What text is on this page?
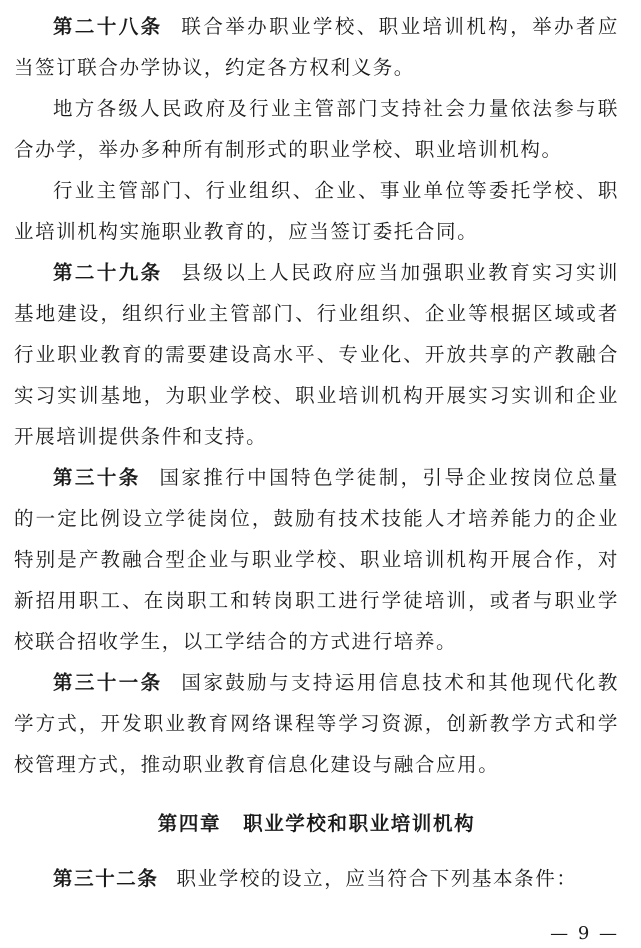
第二十八条 联合举办职业学校、职业培训机构，举办者应当签订联合办学协议，约定各方权利义务。

地方各级人民政府及行业主管部门支持社会力量依法参与联合办学，举办多种所有制形式的职业学校、职业培训机构。

行业主管部门、行业组织、企业、事业单位等委托学校、职业培训机构实施职业教育的，应当签订委托合同。

第二十九条 县级以上人民政府应当加强职业教育实习实训基地建设，组织行业主管部门、行业组织、企业等根据区域或者行业职业教育的需要建设高水平、专业化、开放共享的产教融合实习实训基地，为职业学校、职业培训机构开展实习实训和企业开展培训提供条件和支持。

第三十条 国家推行中国特色学徒制，引导企业按岗位总量的一定比例设立学徒岗位，鼓励有技术技能人才培养能力的企业特别是产教融合型企业与职业学校、职业培训机构开展合作，对新招用职工、在岗职工和转岗职工进行学徒培训，或者与职业学校联合招收学生，以工学结合的方式进行培养。

第三十一条 国家鼓励与支持运用信息技术和其他现代化教学方式，开发职业教育网络课程等学习资源，创新教学方式和学校管理方式，推动职业教育信息化建设与融合应用。

第四章 职业学校和职业培训机构

第三十二条 职业学校的设立，应当符合下列基本条件：

— 9 —
